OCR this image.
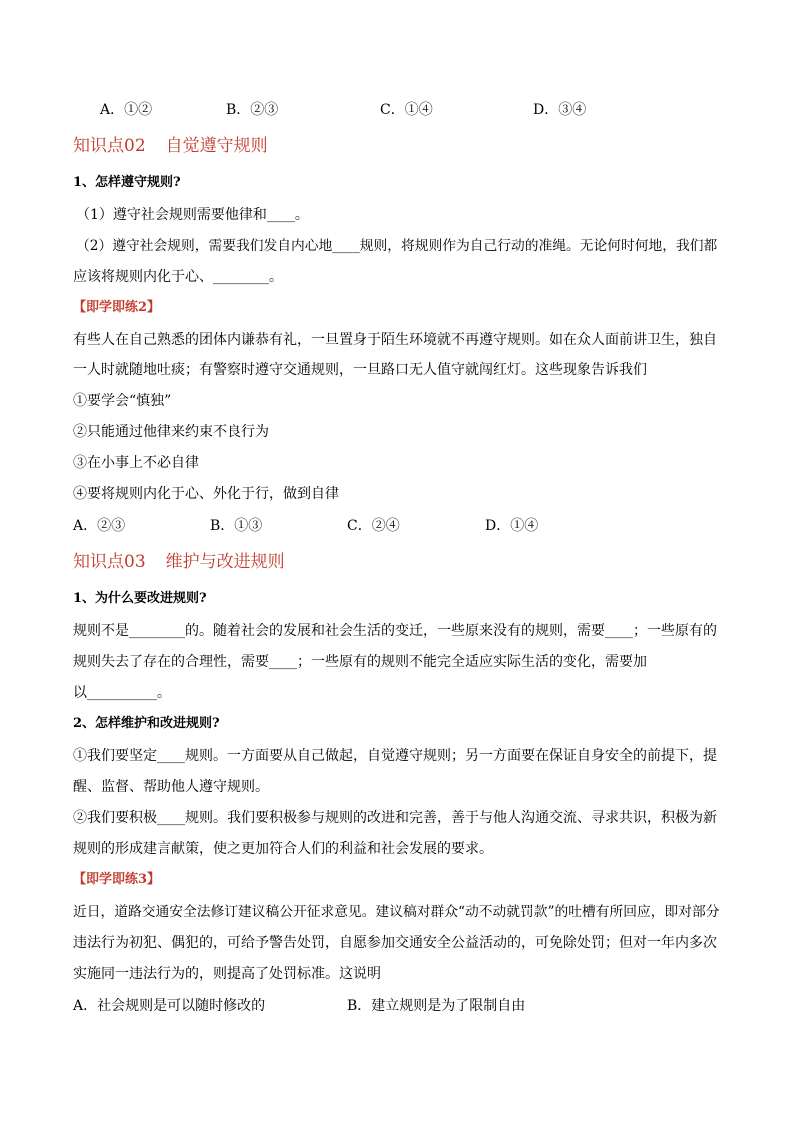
A．①②	B．②③	C．①④	D．③④
知识点02 自觉遵守规则
1、怎样遵守规则?
（1）遵守社会规则需要他律和____。
（2）遵守社会规则，需要我们发自内心地____规则，将规则作为自己行动的准绳。无论何时何地，我们都
应该将规则内化于心、________。
【即学即练2】
有些人在自己熟悉的团体内谦恭有礼，一旦置身于陌生环境就不再遵守规则。如在众人面前讲卫生，独自
一人时就随地吐痰；有警察时遵守交通规则，一旦路口无人值守就闯红灯。这些现象告诉我们
①要学会“慎独”
②只能通过他律来约束不良行为
③在小事上不必自律
④要将规则内化于心、外化于行，做到自律
A．②③	B．①③	C．②④	D．①④
知识点03 维护与改进规则
1、为什么要改进规则?
规则不是________的。随着社会的发展和社会生活的变迁，一些原来没有的规则，需要____；一些原有的
规则失去了存在的合理性，需要____；一些原有的规则不能完全适应实际生活的变化，需要加
以__________。
2、怎样维护和改进规则?
①我们要坚定____规则。一方面要从自己做起，自觉遵守规则；另一方面要在保证自身安全的前提下，提
醒、监督、帮助他人遵守规则。
②我们要积极____规则。我们要积极参与规则的改进和完善，善于与他人沟通交流、寻求共识，积极为新
规则的形成建言献策，使之更加符合人们的利益和社会发展的要求。
【即学即练3】
近日，道路交通安全法修订建议稿公开征求意见。建议稿对群众“动不动就罚款”的吐槽有所回应，即对部分
违法行为初犯、偶犯的，可给予警告处罚，自愿参加交通安全公益活动的，可免除处罚；但对一年内多次
实施同一违法行为的，则提高了处罚标准。这说明
A．社会规则是可以随时修改的	B．建立规则是为了限制自由
